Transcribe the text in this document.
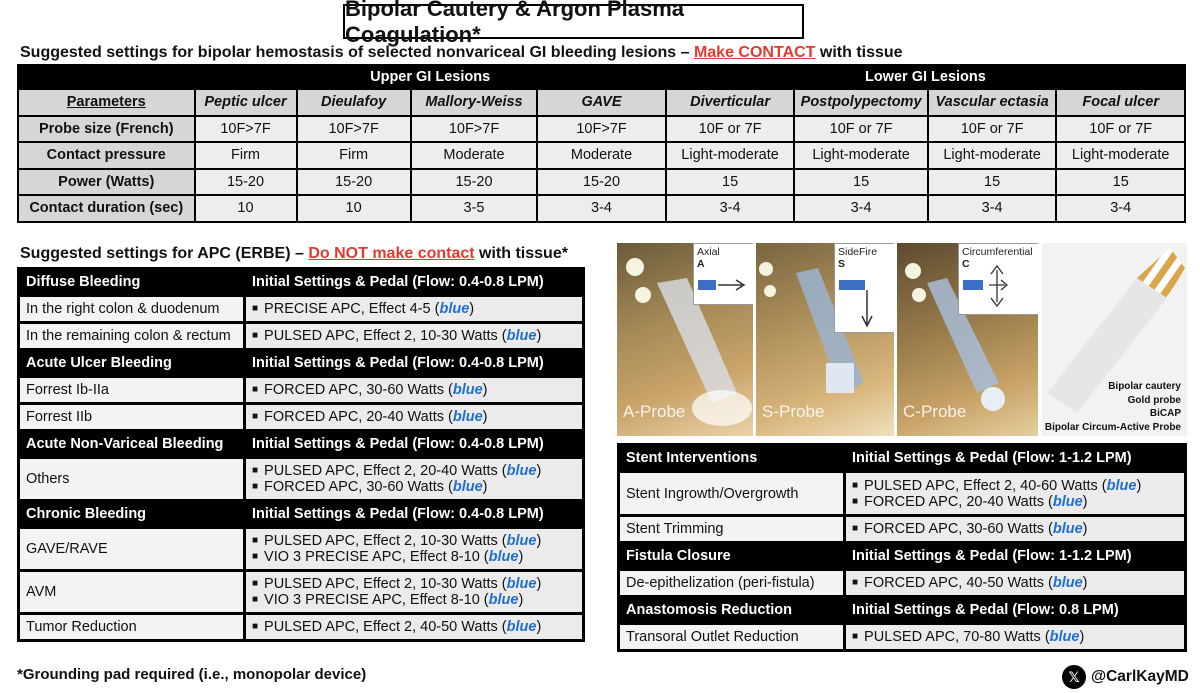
Bipolar Cautery & Argon Plasma Coagulation*
Suggested settings for bipolar hemostasis of selected nonvariceal GI bleeding lesions – Make CONTACT with tissue
	Upper GI Lesions				Lower GI Lesions			
Parameters	Peptic ulcer	Dieulafoy	Mallory-Weiss	GAVE	Diverticular	Postpolypectomy	Vascular ectasia	Focal ulcer
Probe size (French)	10F>7F	10F>7F	10F>7F	10F>7F	10F or 7F	10F or 7F	10F or 7F	10F or 7F
Contact pressure	Firm	Firm	Moderate	Moderate	Light-moderate	Light-moderate	Light-moderate	Light-moderate
Power (Watts)	15-20	15-20	15-20	15-20	15	15	15	15
Contact duration (sec)	10	10	3-5	3-4	3-4	3-4	3-4	3-4
Suggested settings for APC (ERBE) – Do NOT make contact with tissue*
Diffuse Bleeding	Initial Settings & Pedal (Flow: 0.4-0.8 LPM)
In the right colon & duodenum	■ PRECISE APC, Effect 4-5 (blue)

In the remaining colon & rectum	■ PULSED APC, Effect 2, 10-30 Watts (blue)

Acute Ulcer Bleeding	Initial Settings & Pedal (Flow: 0.4-0.8 LPM)
Forrest Ib-IIa	■ FORCED APC, 30-60 Watts (blue)

Forrest IIb	■ FORCED APC, 20-40 Watts (blue)

Acute Non-Variceal Bleeding	Initial Settings & Pedal (Flow: 0.4-0.8 LPM)
Others	■ PULSED APC, Effect 2, 20-40 Watts (blue)
■ FORCED APC, 30-60 Watts (blue)

Chronic Bleeding	Initial Settings & Pedal (Flow: 0.4-0.8 LPM)
GAVE/RAVE	■ PULSED APC, Effect 2, 10-30 Watts (blue)
■ VIO 3 PRECISE APC, Effect 8-10 (blue)

AVM	■ PULSED APC, Effect 2, 10-30 Watts (blue)
■ VIO 3 PRECISE APC, Effect 8-10 (blue)

Tumor Reduction	■ PULSED APC, Effect 2, 40-50 Watts (blue)
Axial
A
A-Probe
SideFire
S
S-Probe
Circumferential
C
C-Probe
Bipolar cautery
Gold probe
BiCAP
Bipolar Circum-Active Probe
Stent Interventions	Initial Settings & Pedal (Flow: 1-1.2 LPM)
Stent Ingrowth/Overgrowth	■ PULSED APC, Effect 2, 40-60 Watts (blue)
■ FORCED APC, 20-40 Watts (blue)

Stent Trimming	■ FORCED APC, 30-60 Watts (blue)

Fistula Closure	Initial Settings & Pedal (Flow: 1-1.2 LPM)
De-epithelization (peri-fistula)	■ FORCED APC, 40-50 Watts (blue)

Anastomosis Reduction	Initial Settings & Pedal (Flow: 0.8 LPM)
Transoral Outlet Reduction	■ PULSED APC, 70-80 Watts (blue)
*Grounding pad required (i.e., monopolar device)	𝕏 @CarlKayMD
